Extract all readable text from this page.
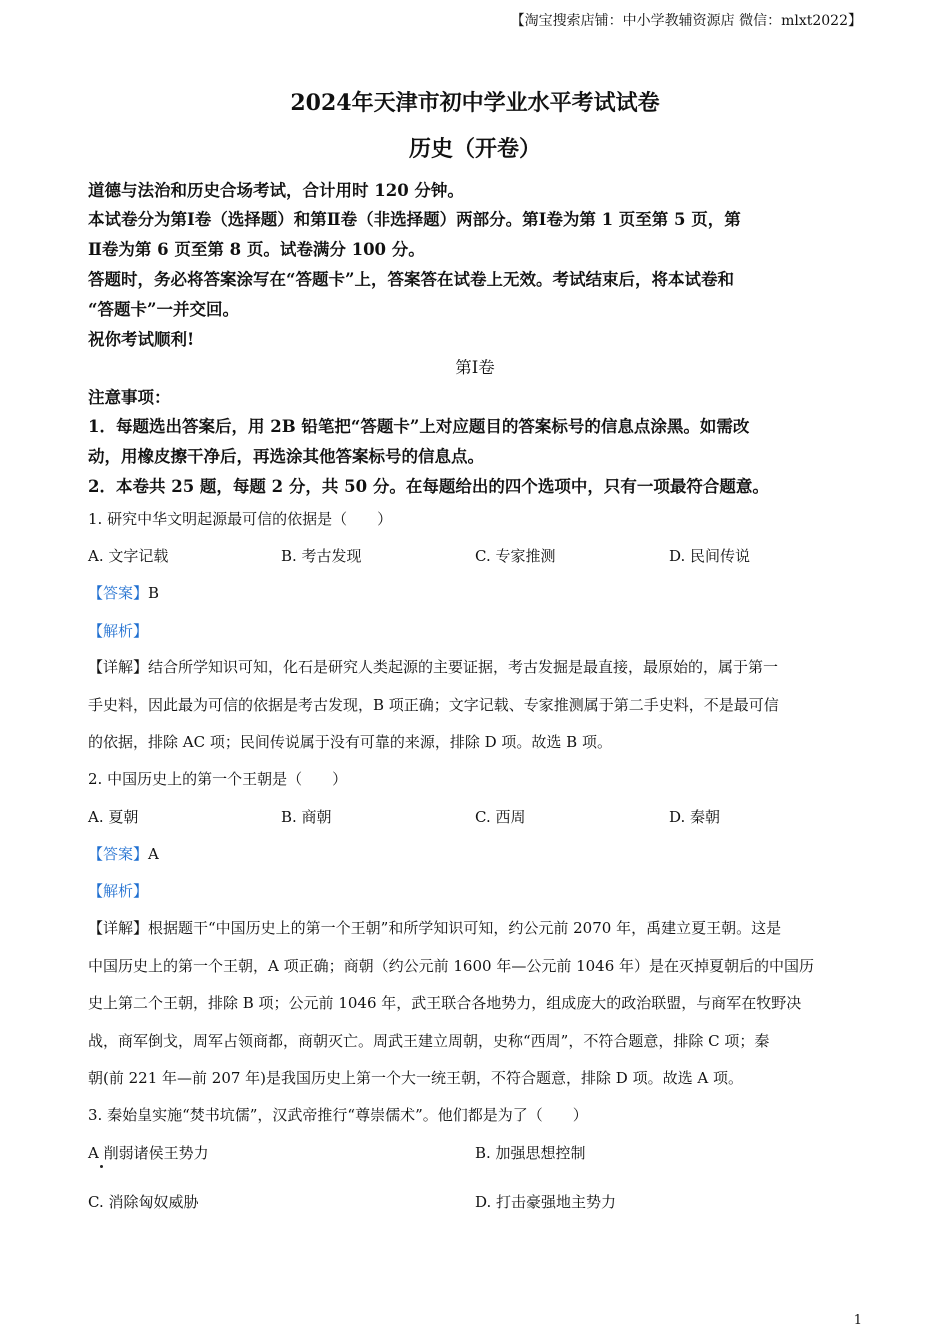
【淘宝搜索店铺：中小学教辅资源店 微信：mlxt2022】
2024年天津市初中学业水平考试试卷
历史（开卷）
道德与法治和历史合场考试，合计用时 120 分钟。
本试卷分为第Ⅰ卷（选择题）和第Ⅱ卷（非选择题）两部分。第Ⅰ卷为第 1 页至第 5 页，第
Ⅱ卷为第 6 页至第 8 页。试卷满分 100 分。
答题时，务必将答案涂写在“答题卡”上，答案答在试卷上无效。考试结束后，将本试卷和
“答题卡”一并交回。
祝你考试顺利!
第Ⅰ卷
注意事项：
1．每题选出答案后，用 2B 铅笔把“答题卡”上对应题目的答案标号的信息点涂黑。如需改
动，用橡皮擦干净后，再选涂其他答案标号的信息点。
2．本卷共 25 题，每题 2 分，共 50 分。在每题给出的四个选项中，只有一项最符合题意。
1. 研究中华文明起源最可信的依据是（　　）
A. 文字记载	B. 考古发现	C. 专家推测	D. 民间传说
【答案】B
【解析】
【详解】结合所学知识可知，化石是研究人类起源的主要证据，考古发掘是最直接，最原始的，属于第一
手史料，因此最为可信的依据是考古发现，B 项正确；文字记载、专家推测属于第二手史料，不是最可信
的依据，排除 AC 项；民间传说属于没有可靠的来源，排除 D 项。故选 B 项。
2. 中国历史上的第一个王朝是（　　）
A. 夏朝	B. 商朝	C. 西周	D. 秦朝
【答案】A
【解析】
【详解】根据题干“中国历史上的第一个王朝”和所学知识可知，约公元前 2070 年，禹建立夏王朝。这是
中国历史上的第一个王朝，A 项正确；商朝（约公元前 1600 年—公元前 1046 年）是在灭掉夏朝后的中国历
史上第二个王朝，排除 B 项；公元前 1046 年，武王联合各地势力，组成庞大的政治联盟，与商军在牧野决
战，商军倒戈，周军占领商都，商朝灭亡。周武王建立周朝，史称“西周”，不符合题意，排除 C 项；秦
朝(前 221 年—前 207 年)是我国历史上第一个大一统王朝，不符合题意，排除 D 项。故选 A 项。
3. 秦始皇实施“焚书坑儒”，汉武帝推行“尊崇儒术”。他们都是为了（　　）
A 削弱诸侯王势力	B. 加强思想控制
C. 消除匈奴威胁	D. 打击豪强地主势力
1
